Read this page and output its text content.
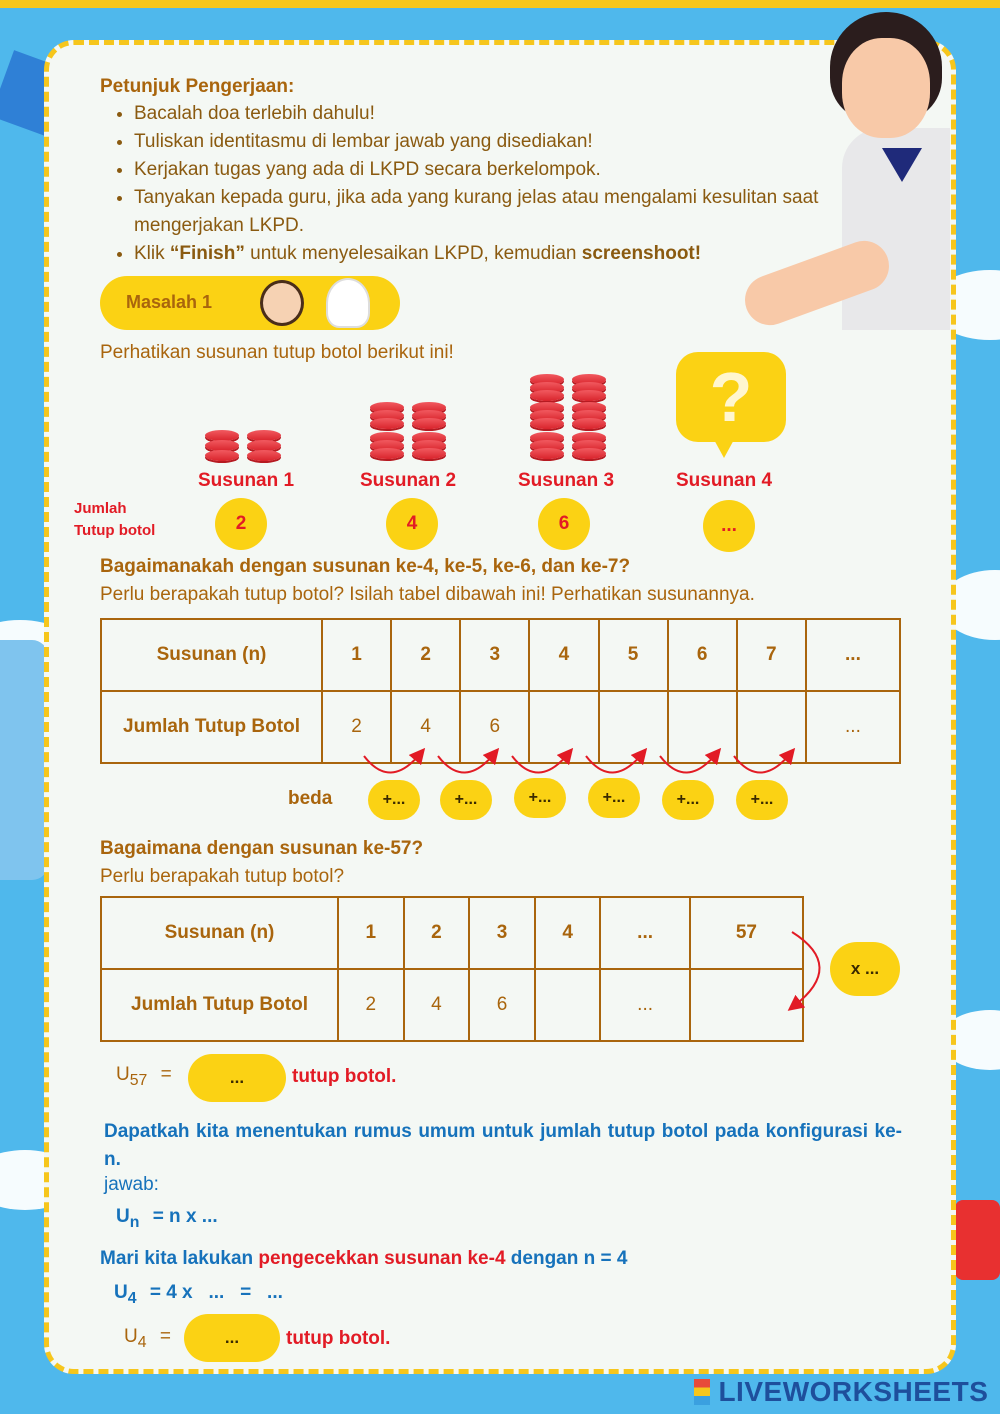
Petunjuk Pengerjaan:
• Bacalah doa terlebih dahulu!
• Tuliskan identitasmu di lembar jawab yang disediakan!
• Kerjakan tugas yang ada di LKPD secara berkelompok.
• Tanyakan kepada guru, jika ada yang kurang jelas atau mengalami kesulitan saat mengerjakan LKPD.
• Klik “Finish” untuk menyelesaikan LKPD, kemudian screenshoot!
Masalah 1
Perhatikan susunan tutup botol berikut ini!
?
Susunan 1	Susunan 2	Susunan 3	Susunan 4
Jumlah
Tutup botol	2	4	6	...
Bagaimanakah dengan susunan ke-4, ke-5, ke-6, dan ke-7?
Perlu berapakah tutup botol? Isilah tabel dibawah ini! Perhatikan susunannya.
Susunan (n)	1	2	3	4	5	6	7	...
Jumlah Tutup Botol	2	4	6					...
beda	+...	+...	+...	+...	+...	+...
Bagaimana dengan susunan ke-57?
Perlu berapakah tutup botol?
Susunan (n)	1	2	3	4	...	57
Jumlah Tutup Botol	2	4	6		...	
x ...
$U_{57}$ =	...	tutup botol.
Dapatkah kita menentukan rumus umum untuk jumlah tutup botol pada konfigurasi ke-n.
jawab:
$U_n = n$ x ...
Mari kita lakukan pengecekkan susunan ke-4 dengan n = 4
$U_4 = 4$ x   ...   =   ...
$U_4$ =	...	tutup botol.
LIVEWORKSHEETS
